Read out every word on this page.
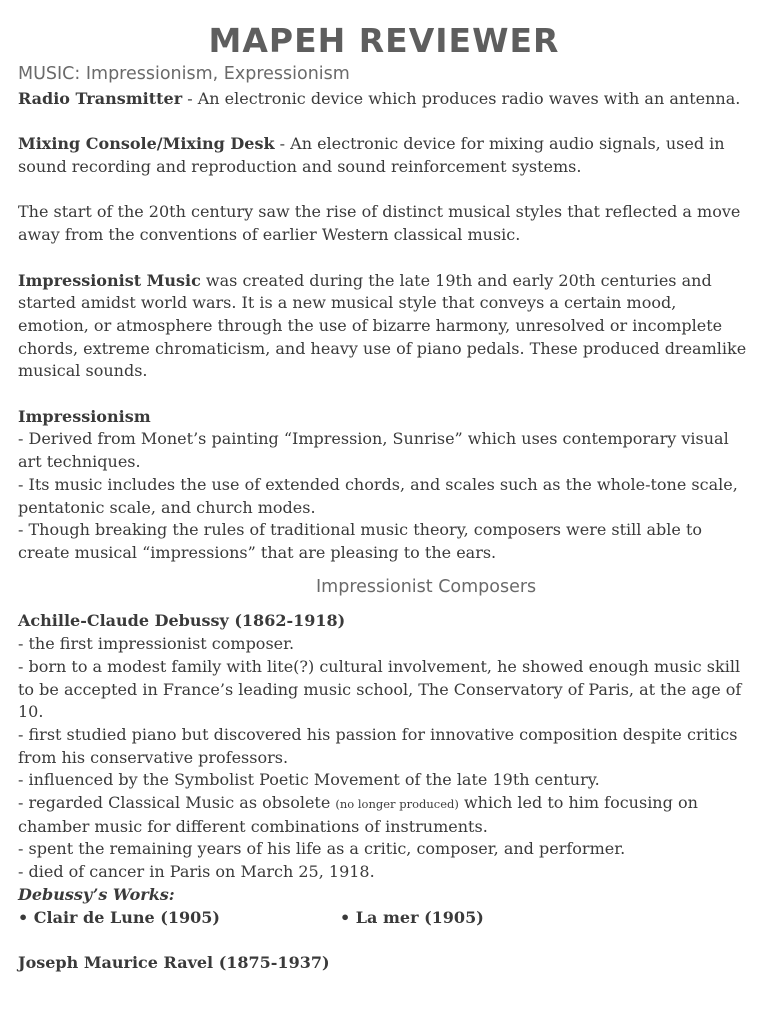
MAPEH REVIEWER

MUSIC: Impressionism, Expressionism

Radio Transmitter - An electronic device which produces radio waves with an antenna.

Mixing Console/Mixing Desk - An electronic device for mixing audio signals, used in sound recording and reproduction and sound reinforcement systems.

The start of the 20th century saw the rise of distinct musical styles that reflected a move away from the conventions of earlier Western classical music.

Impressionist Music was created during the late 19th and early 20th centuries and started amidst world wars. It is a new musical style that conveys a certain mood, emotion, or atmosphere through the use of bizarre harmony, unresolved or incomplete chords, extreme chromaticism, and heavy use of piano pedals. These produced dreamlike musical sounds.

Impressionism

- Derived from Monet’s painting “Impression, Sunrise” which uses contemporary visual art techniques.

- Its music includes the use of extended chords, and scales such as the whole-tone scale, pentatonic scale, and church modes.

- Though breaking the rules of traditional music theory, composers were still able to create musical “impressions” that are pleasing to the ears.

Impressionist Composers

Achille-Claude Debussy (1862-1918)

- the first impressionist composer.

- born to a modest family with lite(?) cultural involvement, he showed enough music skill to be accepted in France’s leading music school, The Conservatory of Paris, at the age of 10.

- first studied piano but discovered his passion for innovative composition despite critics from his conservative professors.

- influenced by the Symbolist Poetic Movement of the late 19th century.

- regarded Classical Music as obsolete (no longer produced) which led to him focusing on chamber music for different combinations of instruments.

- spent the remaining years of his life as a critic, composer, and performer.

- died of cancer in Paris on March 25, 1918.

Debussy’s Works:

• Clair de Lune (1905)	• La mer (1905)

Joseph Maurice Ravel (1875-1937)
